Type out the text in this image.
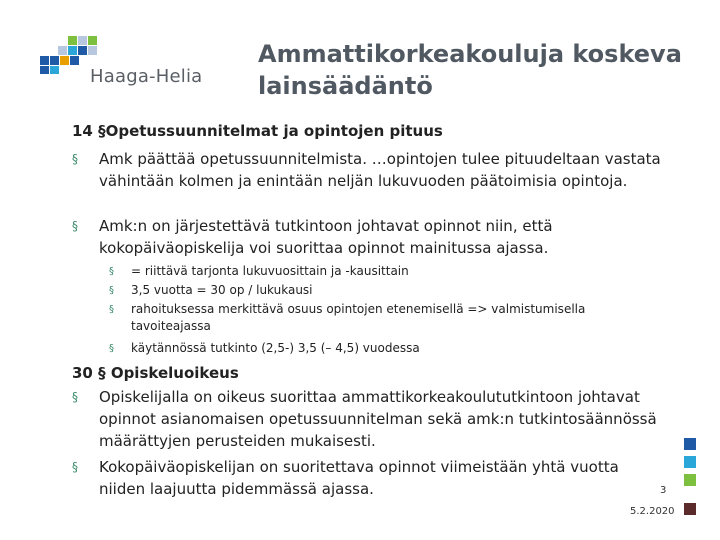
Haaga-Helia
Ammattikorkeakouluja koskeva lainsäädäntö
14 §Opetussuunnitelmat ja opintojen pituus
§ Amk päättää opetussuunnitelmista. …opintojen tulee pituudeltaan vastata vähintään kolmen ja enintään neljän lukuvuoden päätoimisia opintoja.
§ Amk:n on järjestettävä tutkintoon johtavat opinnot niin, että kokopäiväopiskelija voi suorittaa opinnot mainitussa ajassa.
§ = riittävä tarjonta lukuvuosittain ja -kausittain
§ 3,5 vuotta = 30 op / lukukausi
§ rahoituksessa merkittävä osuus opintojen etenemisellä => valmistumisella tavoiteajassa
§ käytännössä tutkinto (2,5-) 3,5 (– 4,5) vuodessa
30 § Opiskeluoikeus
§ Opiskelijalla on oikeus suorittaa ammattikorkeakoulututkintoon johtavat opinnot asianomaisen opetussuunnitelman sekä amk:n tutkintosäännössä määrättyjen perusteiden mukaisesti.
§ Kokopäiväopiskelijan on suoritettava opinnot viimeistään yhtä vuotta niiden laajuutta pidemmässä ajassa.	3
5.2.2020
